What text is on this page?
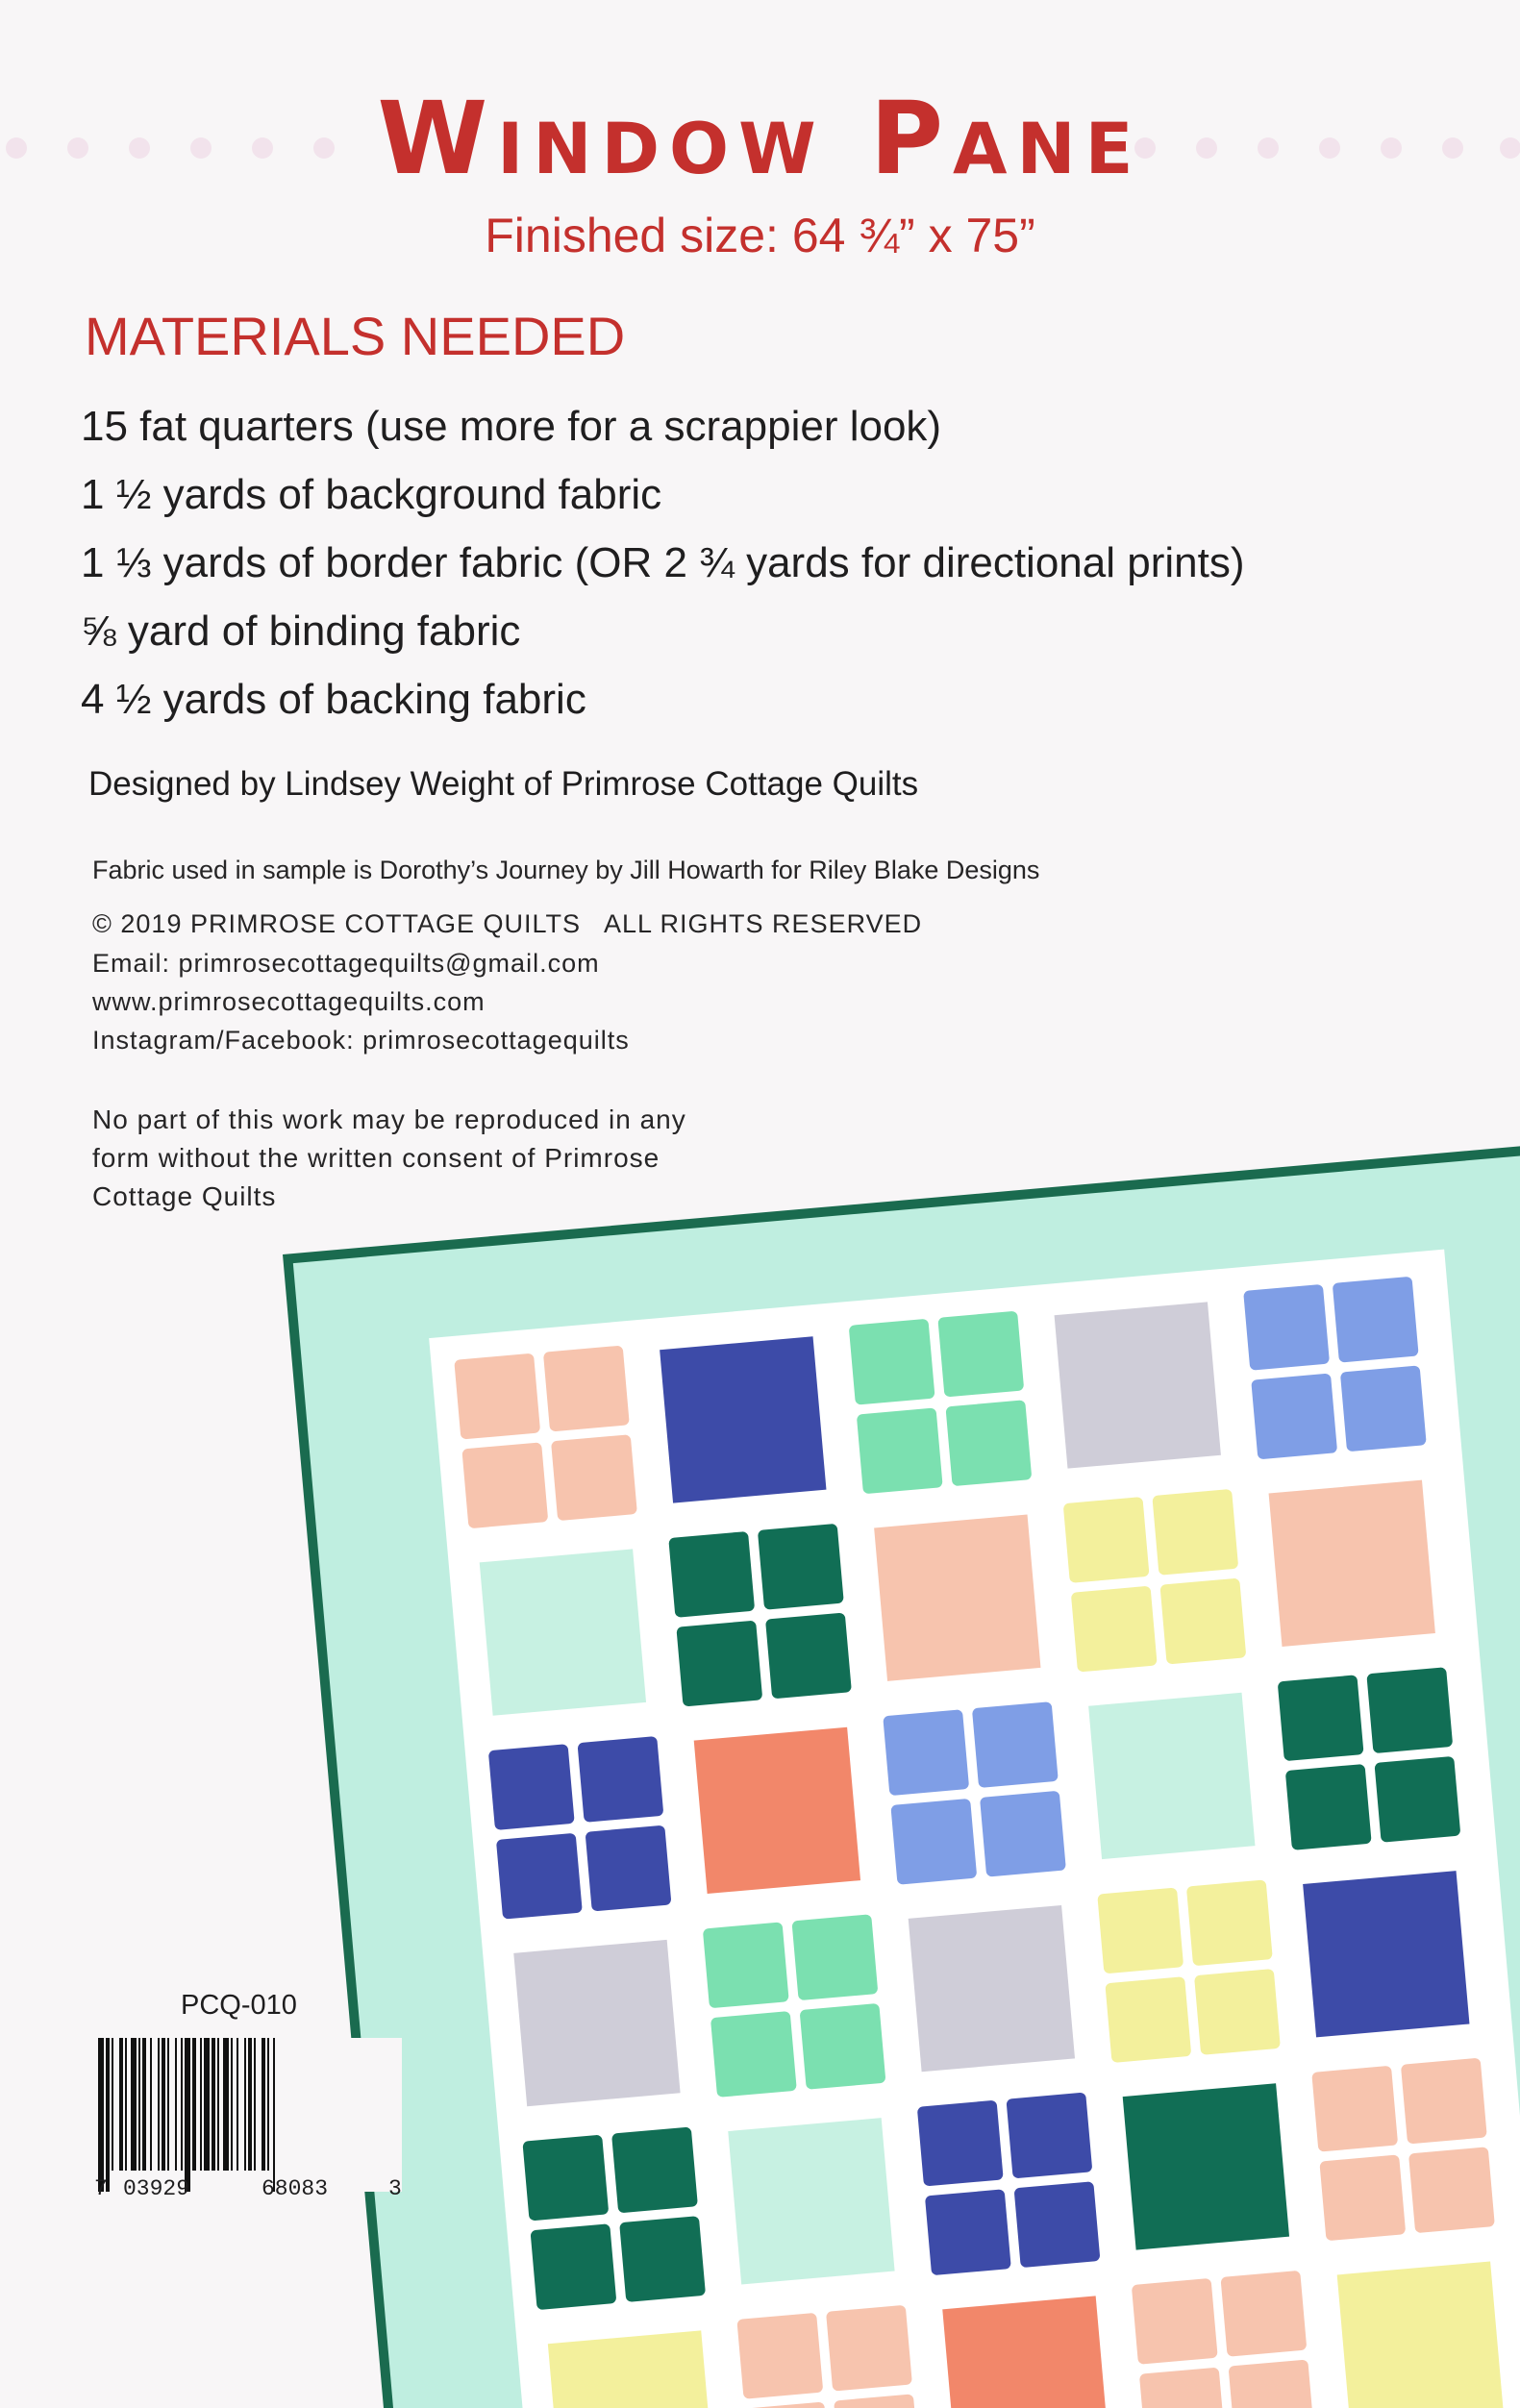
Window Pane
Finished size: 64 ¾” x 75”
MATERIALS NEEDED
15 fat quarters (use more for a scrappier look)
1 ½ yards of background fabric
1 ⅓ yards of border fabric (OR 2 ¾ yards for directional prints)
⅝ yard of binding fabric
4 ½ yards of backing fabric
Designed by Lindsey Weight of Primrose Cottage Quilts
Fabric used in sample is Dorothy’s Journey by Jill Howarth for Riley Blake Designs
© 2019 PRIMROSE COTTAGE QUILTS   ALL RIGHTS RESERVED
Email: primrosecottagequilts@gmail.com
www.primrosecottagequilts.com
Instagram/Facebook: primrosecottagequilts
No part of this work may be reproduced in any
form without the written consent of Primrose
Cottage Quilts
PCQ-010
7 03929	68083	3
